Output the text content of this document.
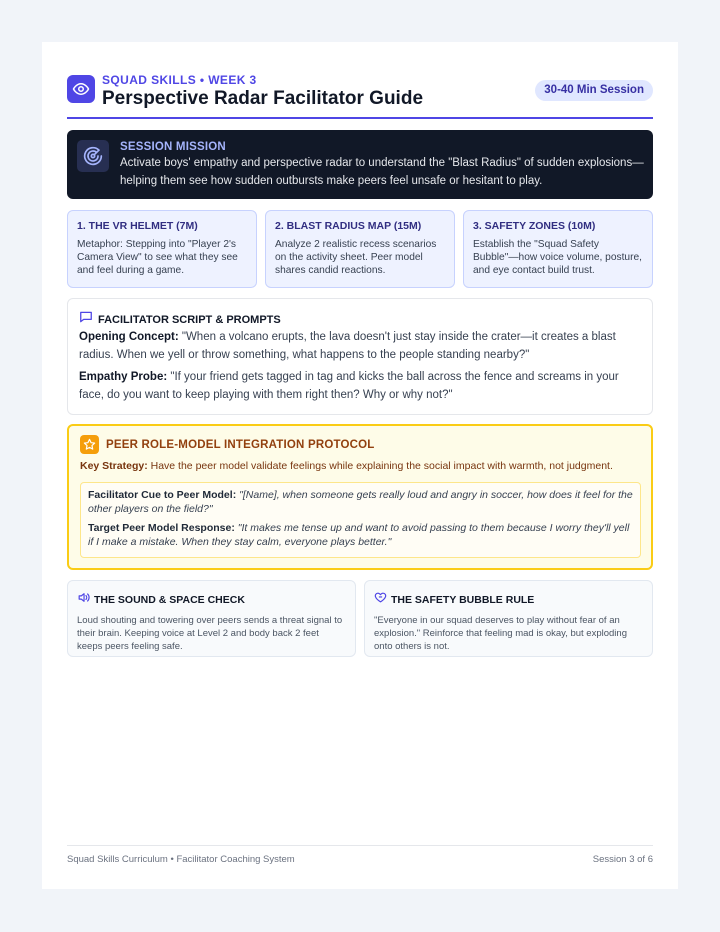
SQUAD SKILLS • WEEK 3
Perspective Radar Facilitator Guide	30-40 Min Session
SESSION MISSION
Activate boys' empathy and perspective radar to understand the "Blast Radius" of sudden explosions—helping them see how sudden outbursts make peers feel unsafe or hesitant to play.
1. THE VR HELMET (7M)
Metaphor: Stepping into "Player 2's Camera View" to see what they see and feel during a game.
2. BLAST RADIUS MAP (15M)
Analyze 2 realistic recess scenarios on the activity sheet. Peer model shares candid reactions.
3. SAFETY ZONES (10M)
Establish the "Squad Safety Bubble"—how voice volume, posture, and eye contact build trust.
FACILITATOR SCRIPT & PROMPTS
Opening Concept: "When a volcano erupts, the lava doesn't just stay inside the crater—it creates a blast radius. When we yell or throw something, what happens to the people standing nearby?"
Empathy Probe: "If your friend gets tagged in tag and kicks the ball across the fence and screams in your face, do you want to keep playing with them right then? Why or why not?"
PEER ROLE-MODEL INTEGRATION PROTOCOL
Key Strategy: Have the peer model validate feelings while explaining the social impact with warmth, not judgment.
Facilitator Cue to Peer Model: "[Name], when someone gets really loud and angry in soccer, how does it feel for the other players on the field?"
Target Peer Model Response: "It makes me tense up and want to avoid passing to them because I worry they'll yell if I make a mistake. When they stay calm, everyone plays better."
THE SOUND & SPACE CHECK
Loud shouting and towering over peers sends a threat signal to their brain. Keeping voice at Level 2 and body back 2 feet keeps peers feeling safe.
THE SAFETY BUBBLE RULE
"Everyone in our squad deserves to play without fear of an explosion." Reinforce that feeling mad is okay, but exploding onto others is not.
Squad Skills Curriculum • Facilitator Coaching System	Session 3 of 6
